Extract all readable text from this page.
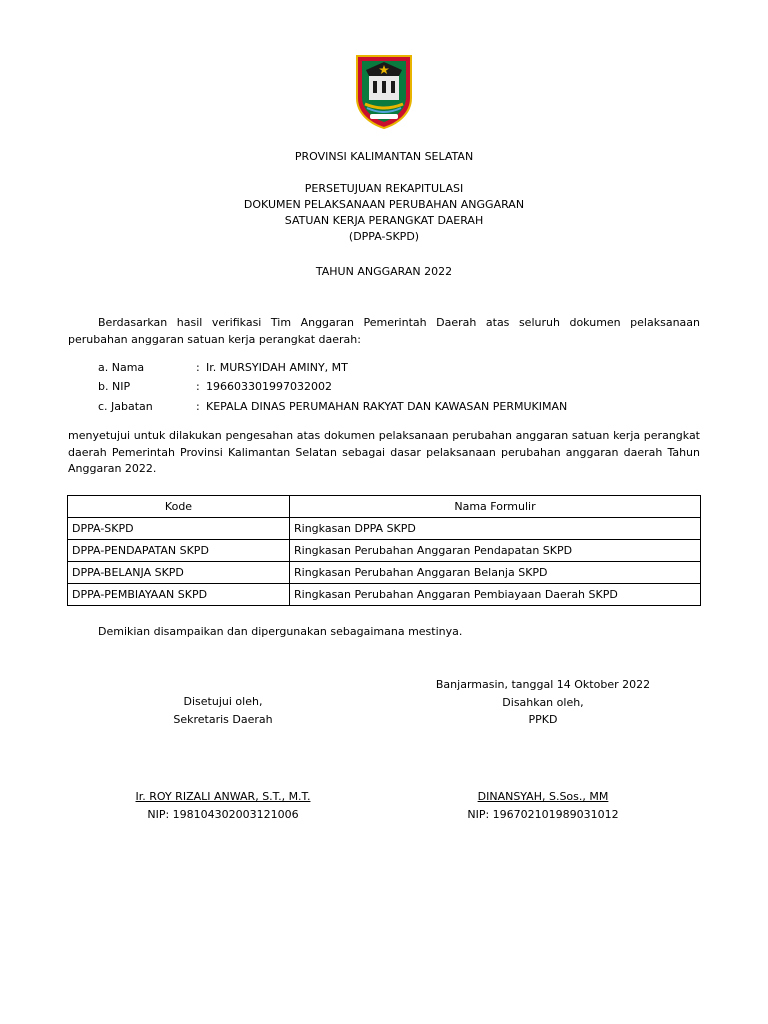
PROVINSI KALIMANTAN SELATAN
PERSETUJUAN REKAPITULASI
DOKUMEN PELAKSANAAN PERUBAHAN ANGGARAN
SATUAN KERJA PERANGKAT DAERAH
(DPPA-SKPD)
TAHUN ANGGARAN 2022
Berdasarkan hasil verifikasi Tim Anggaran Pemerintah Daerah atas seluruh dokumen pelaksanaan perubahan anggaran satuan kerja perangkat daerah:
a. Nama	: Ir. MURSYIDAH AMINY, MT
b. NIP	: 196603301997032002
c. Jabatan	: KEPALA DINAS PERUMAHAN RAKYAT DAN KAWASAN PERMUKIMAN
menyetujui untuk dilakukan pengesahan atas dokumen pelaksanaan perubahan anggaran satuan kerja perangkat daerah Pemerintah Provinsi Kalimantan Selatan sebagai dasar pelaksanaan perubahan anggaran daerah Tahun Anggaran 2022.
Kode	Nama Formulir
DPPA-SKPD	Ringkasan DPPA SKPD
DPPA-PENDAPATAN SKPD	Ringkasan Perubahan Anggaran Pendapatan SKPD
DPPA-BELANJA SKPD	Ringkasan Perubahan Anggaran Belanja SKPD
DPPA-PEMBIAYAAN SKPD	Ringkasan Perubahan Anggaran Pembiayaan Daerah SKPD
Demikian disampaikan dan dipergunakan sebagaimana mestinya.
Banjarmasin, tanggal 14 Oktober 2022
Disahkan oleh,
PPKD
Disetujui oleh,
Sekretaris Daerah
Ir. ROY RIZALI ANWAR, S.T., M.T.
NIP: 198104302003121006
DINANSYAH, S.Sos., MM
NIP: 196702101989031012
